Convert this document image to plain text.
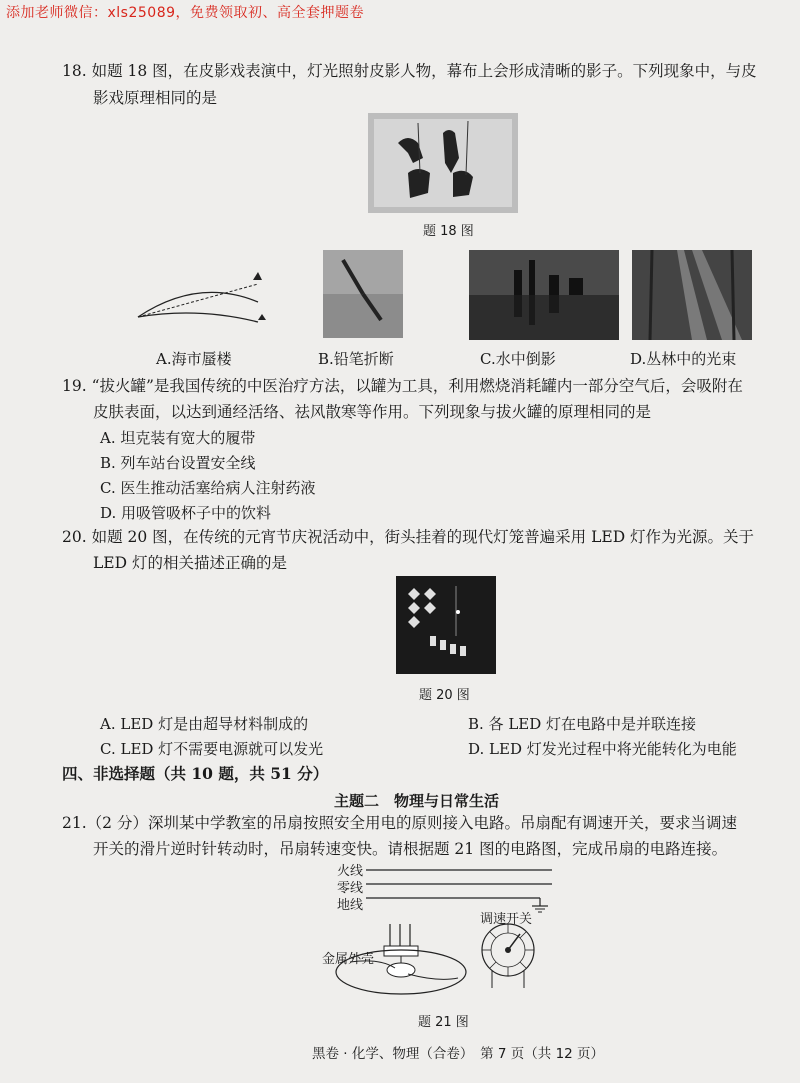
添加老师微信：xls25089，免费领取初、高全套押题卷
18. 如题 18 图，在皮影戏表演中，灯光照射皮影人物，幕布上会形成清晰的影子。下列现象中，与皮
影戏原理相同的是
题 18 图
A.海市蜃楼	B.铅笔折断	C.水中倒影	D.丛林中的光束
19. “拔火罐”是我国传统的中医治疗方法，以罐为工具，利用燃烧消耗罐内一部分空气后，会吸附在
皮肤表面，以达到通经活络、祛风散寒等作用。下列现象与拔火罐的原理相同的是
A. 坦克装有宽大的履带
B. 列车站台设置安全线
C. 医生推动活塞给病人注射药液
D. 用吸管吸杯子中的饮料
20. 如题 20 图，在传统的元宵节庆祝活动中，街头挂着的现代灯笼普遍采用 LED 灯作为光源。关于
LED 灯的相关描述正确的是
题 20 图
A. LED 灯是由超导材料制成的	B. 各 LED 灯在电路中是并联连接
C. LED 灯不需要电源就可以发光	D. LED 灯发光过程中将光能转化为电能
四、非选择题（共 10 题，共 51 分）
主题二　物理与日常生活
21.（2 分）深圳某中学教室的吊扇按照安全用电的原则接入电路。吊扇配有调速开关，要求当调速
开关的滑片逆时针转动时，吊扇转速变快。请根据题 21 图的电路图，完成吊扇的电路连接。
火线
零线
地线
调速开关
金属外壳
题 21 图
黑卷 · 化学、物理（合卷）　第 7 页（共 12 页）
